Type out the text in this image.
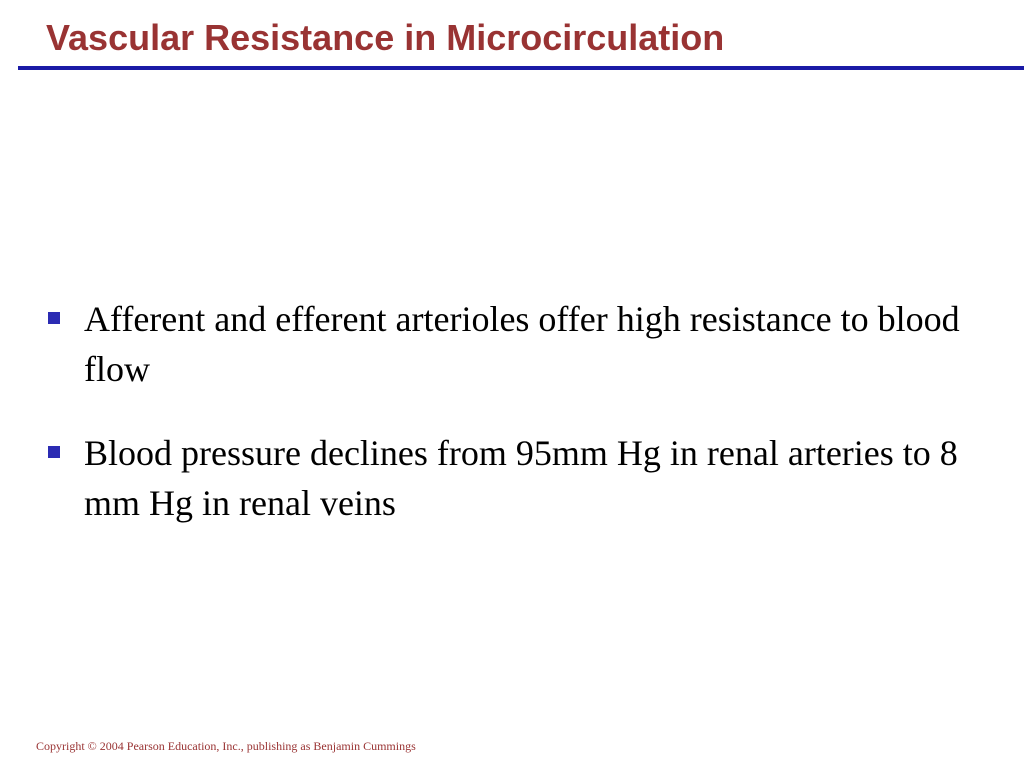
Vascular Resistance in Microcirculation
Afferent and efferent arterioles offer high resistance to blood flow
Blood pressure declines from 95mm Hg in renal arteries to 8 mm Hg in renal veins
Copyright © 2004 Pearson Education, Inc., publishing as Benjamin Cummings
